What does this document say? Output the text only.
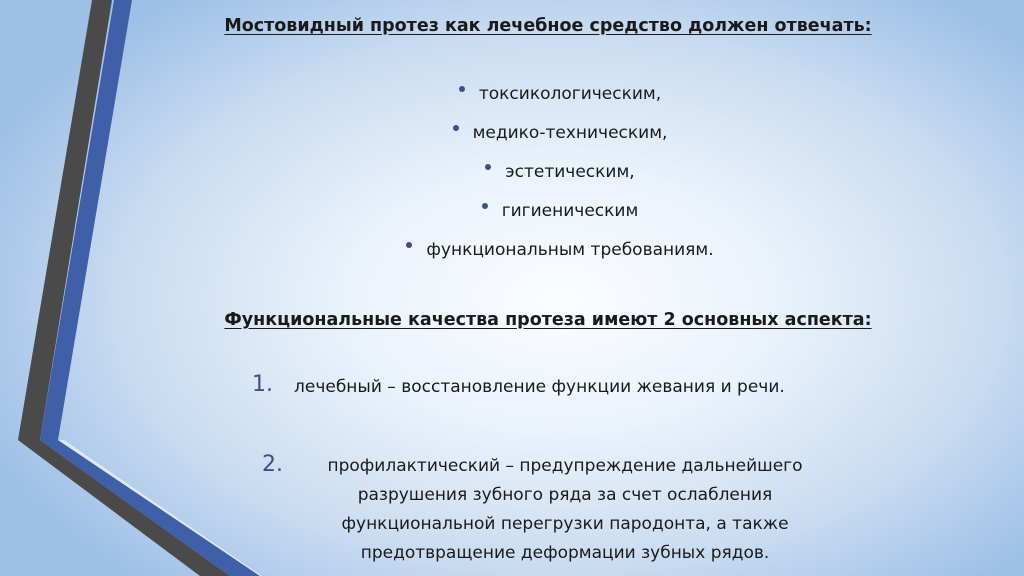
Мостовидный протез как лечебное средство должен отвечать:
токсикологическим,
медико-техническим,
эстетическим,
гигиеническим
функциональным требованиям.
Функциональные качества протеза имеют 2 основных аспекта:
1. лечебный – восстановление функции жевания и речи.
2.	профилактический – предупреждение дальнейшего разрушения зубного ряда за счет ослабления функциональной перегрузки пародонта, а также предотвращение деформации зубных рядов.
